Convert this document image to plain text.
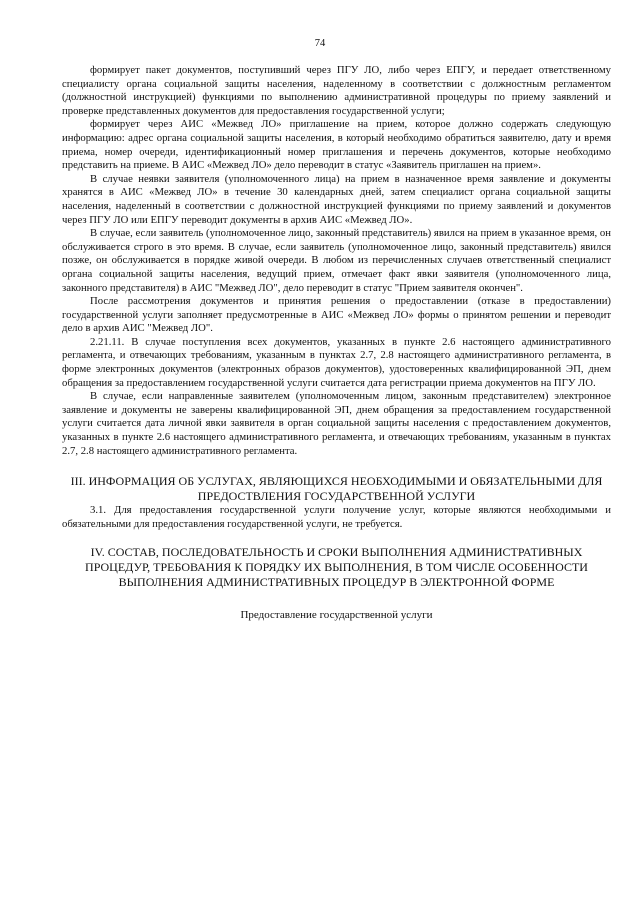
74

формирует пакет документов, поступивший через ПГУ ЛО, либо через ЕПГУ, и передает ответственному специалисту органа социальной защиты населения, наделенному в соответствии с должностным регламентом (должностной инструкцией) функциями по выполнению административной процедуры по приему заявлений и проверке представленных документов для предоставления государственной услуги;

формирует через АИС «Межвед ЛО» приглашение на прием, которое должно содержать следующую информацию: адрес органа социальной защиты населения, в который необходимо обратиться заявителю, дату и время приема, номер очереди, идентификационный номер приглашения и перечень документов, которые необходимо представить на приеме. В АИС «Межвед ЛО» дело переводит в статус «Заявитель приглашен на прием».

В случае неявки заявителя (уполномоченного лица) на прием в назначенное время заявление и документы хранятся в АИС «Межвед ЛО» в течение 30 календарных дней, затем специалист органа социальной защиты населения, наделенный в соответствии с должностной инструкцией функциями по приему заявлений и документов через ПГУ ЛО или ЕПГУ переводит документы в архив АИС «Межвед ЛО».

В случае, если заявитель (уполномоченное лицо, законный представитель) явился на прием в указанное время, он обслуживается строго в это время. В случае, если заявитель (уполномоченное лицо, законный представитель) явился позже, он обслуживается в порядке живой очереди. В любом из перечисленных случаев ответственный специалист органа социальной защиты населения, ведущий прием, отмечает факт явки заявителя (уполномоченного лица, законного представителя) в АИС "Межвед ЛО", дело переводит в статус "Прием заявителя окончен".

После рассмотрения документов и принятия решения о предоставлении (отказе в предоставлении) государственной услуги заполняет предусмотренные в АИС «Межвед ЛО» формы о принятом решении и переводит дело в архив АИС "Межвед ЛО".

2.21.11. В случае поступления всех документов, указанных в пункте 2.6 настоящего административного регламента, и отвечающих требованиям, указанным в пунктах 2.7, 2.8 настоящего административного регламента, в форме электронных документов (электронных образов документов), удостоверенных квалифицированной ЭП, днем обращения за предоставлением государственной услуги считается дата регистрации приема документов на ПГУ ЛО.

В случае, если направленные заявителем (уполномоченным лицом, законным представителем) электронное заявление и документы не заверены квалифицированной ЭП, днем обращения за предоставлением государственной услуги считается дата личной явки заявителя в орган социальной защиты населения с предоставлением документов, указанных в пункте 2.6 настоящего административного регламента, и отвечающих требованиям, указанным в пунктах 2.7, 2.8 настоящего административного регламента.

III. ИНФОРМАЦИЯ ОБ УСЛУГАХ, ЯВЛЯЮЩИХСЯ НЕОБХОДИМЫМИ И ОБЯЗАТЕЛЬНЫМИ ДЛЯ ПРЕДОСТВЛЕНИЯ ГОСУДАРСТВЕННОЙ УСЛУГИ

3.1. Для предоставления государственной услуги получение услуг, которые являются необходимыми и обязательными для предоставления государственной услуги, не требуется.

IV. СОСТАВ, ПОСЛЕДОВАТЕЛЬНОСТЬ И СРОКИ ВЫПОЛНЕНИЯ АДМИНИСТРАТИВНЫХ ПРОЦЕДУР, ТРЕБОВАНИЯ К ПОРЯДКУ ИХ ВЫПОЛНЕНИЯ, В ТОМ ЧИСЛЕ ОСОБЕННОСТИ ВЫПОЛНЕНИЯ АДМИНИСТРАТИВНЫХ ПРОЦЕДУР В ЭЛЕКТРОННОЙ ФОРМЕ
Предоставление государственной услуги
